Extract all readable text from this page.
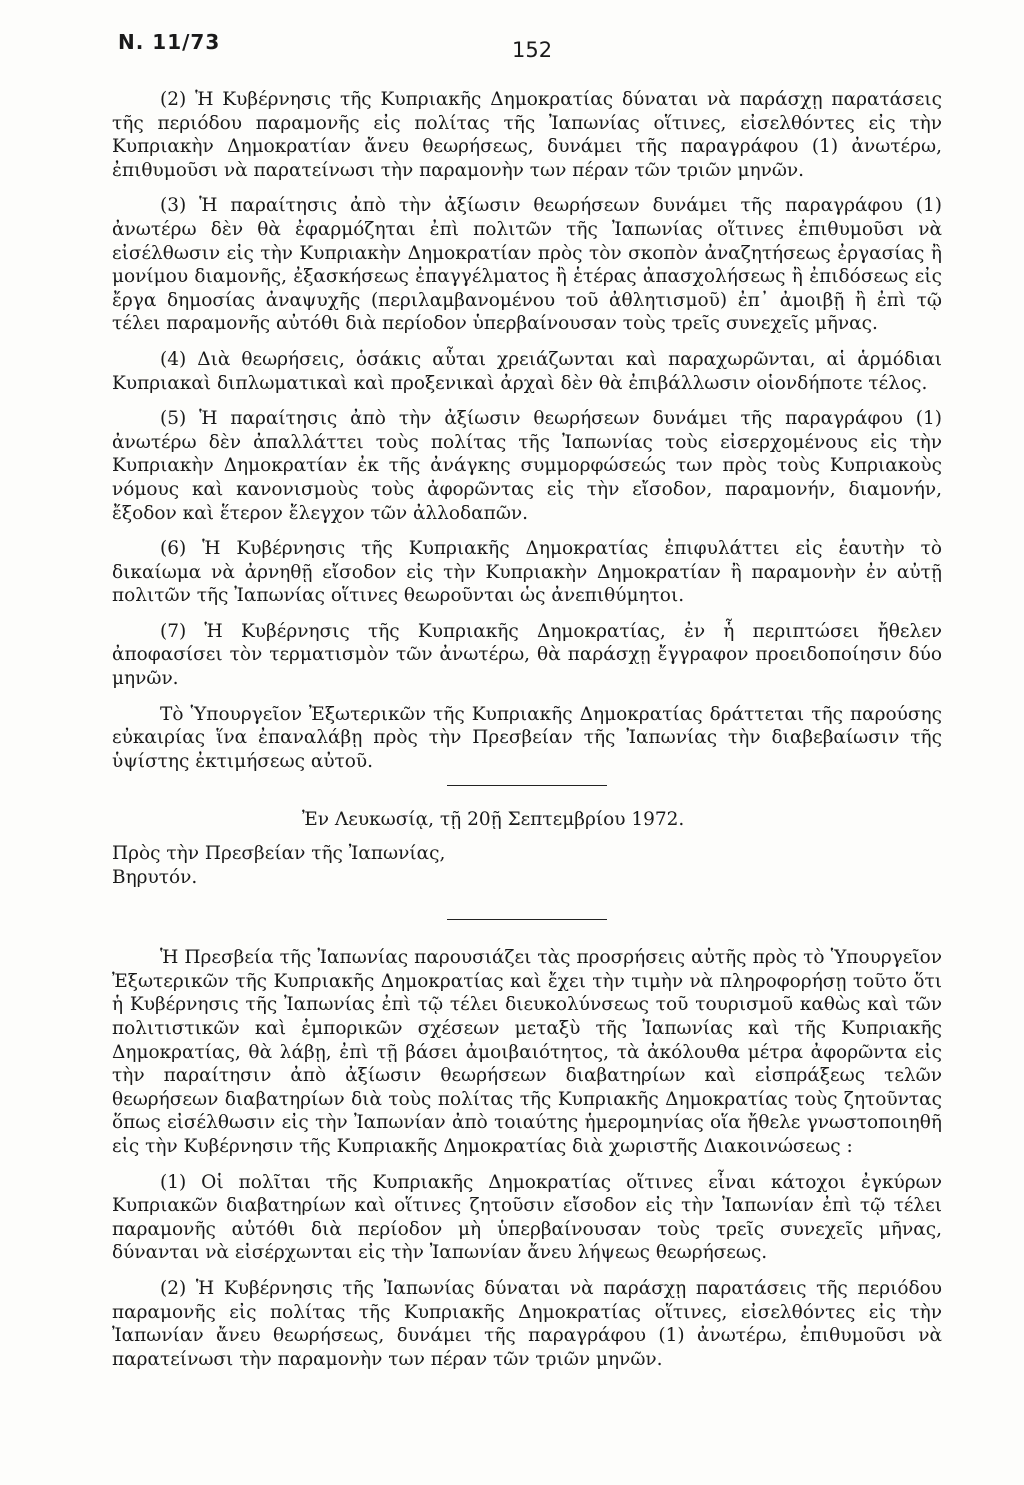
N. 11/73	152

(2) Ἡ Κυβέρνησις τῆς Κυπριακῆς Δημοκρατίας δύναται νὰ παράσχῃ παρατάσεις τῆς περιόδου παραμονῆς εἰς πολίτας τῆς Ἰαπωνίας οἵτινες, εἰσελθόντες εἰς τὴν Κυπριακὴν Δημοκρατίαν ἄνευ θεωρήσεως, δυνάμει τῆς παραγράφου (1) ἀνωτέρω, ἐπιθυμοῦσι νὰ παρατείνωσι τὴν παραμονὴν των πέραν τῶν τριῶν μηνῶν.

(3) Ἡ παραίτησις ἀπὸ τὴν ἀξίωσιν θεωρήσεων δυνάμει τῆς παραγράφου (1) ἀνωτέρω δὲν θὰ ἐφαρμόζηται ἐπὶ πολιτῶν τῆς Ἰαπωνίας οἵτινες ἐπιθυμοῦσι νὰ εἰσέλθωσιν εἰς τὴν Κυπριακὴν Δημοκρατίαν πρὸς τὸν σκοπὸν ἀναζητήσεως ἐργασίας ἢ μονίμου διαμονῆς, ἐξασκήσεως ἐπαγγέλματος ἢ ἑτέρας ἀπασχολήσεως ἢ ἐπιδόσεως εἰς ἔργα δημοσίας ἀναψυχῆς (περιλαμβανομένου τοῦ ἀθλητισμοῦ) ἐπ᾿ ἀμοιβῇ ἢ ἐπὶ τῷ τέλει παραμονῆς αὐτόθι διὰ περίοδον ὑπερβαίνουσαν τοὺς τρεῖς συνεχεῖς μῆνας.

(4) Διὰ θεωρήσεις, ὁσάκις αὗται χρειάζωνται καὶ παραχωρῶνται, αἱ ἁρμόδιαι Κυπριακαὶ διπλωματικαὶ καὶ προξενικαὶ ἀρχαὶ δὲν θὰ ἐπιβάλλωσιν οἱονδήποτε τέλος.

(5) Ἡ παραίτησις ἀπὸ τὴν ἀξίωσιν θεωρήσεων δυνάμει τῆς παραγράφου (1) ἀνωτέρω δὲν ἀπαλλάττει τοὺς πολίτας τῆς Ἰαπωνίας τοὺς εἰσερχομένους εἰς τὴν Κυπριακὴν Δημοκρατίαν ἐκ τῆς ἀνάγκης συμμορφώσεώς των πρὸς τοὺς Κυπριακοὺς νόμους καὶ κανονισμοὺς τοὺς ἀφορῶντας εἰς τὴν εἴσοδον, παραμονήν, διαμονήν, ἔξοδον καὶ ἕτερον ἔλεγχον τῶν ἀλλοδαπῶν.

(6) Ἡ Κυβέρνησις τῆς Κυπριακῆς Δημοκρατίας ἐπιφυλάττει εἰς ἑαυτὴν τὸ δικαίωμα νὰ ἀρνηθῇ εἴσοδον εἰς τὴν Κυπριακὴν Δημοκρατίαν ἢ παραμονὴν ἐν αὐτῇ πολιτῶν τῆς Ἰαπωνίας οἵτινες θεωροῦνται ὡς ἀνεπιθύμητοι.

(7) Ἡ Κυβέρνησις τῆς Κυπριακῆς Δημοκρατίας, ἐν ἧ περιπτώσει ἤθελεν ἀποφασίσει τὸν τερματισμὸν τῶν ἀνωτέρω, θὰ παράσχῃ ἔγγραφον προειδοποίησιν δύο μηνῶν.

Τὸ Ὑπουργεῖον Ἐξωτερικῶν τῆς Κυπριακῆς Δημοκρατίας δράττεται τῆς παρούσης εὐκαιρίας ἵνα ἐπαναλάβῃ πρὸς τὴν Πρεσβείαν τῆς Ἰαπωνίας τὴν διαβεβαίωσιν τῆς ὑψίστης ἐκτιμήσεως αὐτοῦ.

Ἐν Λευκωσίᾳ, τῇ 20ῇ Σεπτεμβρίου 1972.

Πρὸς τὴν Πρεσβείαν τῆς Ἰαπωνίας,

Βηρυτόν.

Ἡ Πρεσβεία τῆς Ἰαπωνίας παρουσιάζει τὰς προσρήσεις αὐτῆς πρὸς τὸ Ὑπουργεῖον Ἐξωτερικῶν τῆς Κυπριακῆς Δημοκρατίας καὶ ἔχει τὴν τιμὴν νὰ πληροφορήσῃ τοῦτο ὅτι ἡ Κυβέρνησις τῆς Ἰαπωνίας ἐπὶ τῷ τέλει διευκολύνσεως τοῦ τουρισμοῦ καθὼς καὶ τῶν πολιτιστικῶν καὶ ἐμπορικῶν σχέσεων μεταξὺ τῆς Ἰαπωνίας καὶ τῆς Κυπριακῆς Δημοκρατίας, θὰ λάβῃ, ἐπὶ τῇ βάσει ἀμοιβαιότητος, τὰ ἀκόλουθα μέτρα ἀφορῶντα εἰς τὴν παραίτησιν ἀπὸ ἀξίωσιν θεωρήσεων διαβατηρίων καὶ εἰσπράξεως τελῶν θεωρήσεων διαβατηρίων διὰ τοὺς πολίτας τῆς Κυπριακῆς Δημοκρατίας τοὺς ζητοῦντας ὅπως εἰσέλθωσιν εἰς τὴν Ἰαπωνίαν ἀπὸ τοιαύτης ἡμερομηνίας οἵα ἤθελε γνωστοποιηθῆ εἰς τὴν Κυβέρνησιν τῆς Κυπριακῆς Δημοκρατίας διὰ χωριστῆς Διακοινώσεως :

(1) Οἱ πολῖται τῆς Κυπριακῆς Δημοκρατίας οἵτινες εἶναι κάτοχοι ἐγκύρων Κυπριακῶν διαβατηρίων καὶ οἵτινες ζητοῦσιν εἴσοδον εἰς τὴν Ἰαπωνίαν ἐπὶ τῷ τέλει παραμονῆς αὐτόθι διὰ περίοδον μὴ ὑπερβαίνουσαν τοὺς τρεῖς συνεχεῖς μῆνας, δύνανται νὰ εἰσέρχωνται εἰς τὴν Ἰαπωνίαν ἄνευ λήψεως θεωρήσεως.

(2) Ἡ Κυβέρνησις τῆς Ἰαπωνίας δύναται νὰ παράσχῃ παρατάσεις τῆς περιόδου παραμονῆς εἰς πολίτας τῆς Κυπριακῆς Δημοκρατίας οἵτινες, εἰσελθόντες εἰς τὴν Ἰαπωνίαν ἄνευ θεωρήσεως, δυνάμει τῆς παραγράφου (1) ἀνωτέρω, ἐπιθυμοῦσι νὰ παρατείνωσι τὴν παραμονὴν των πέραν τῶν τριῶν μηνῶν.
